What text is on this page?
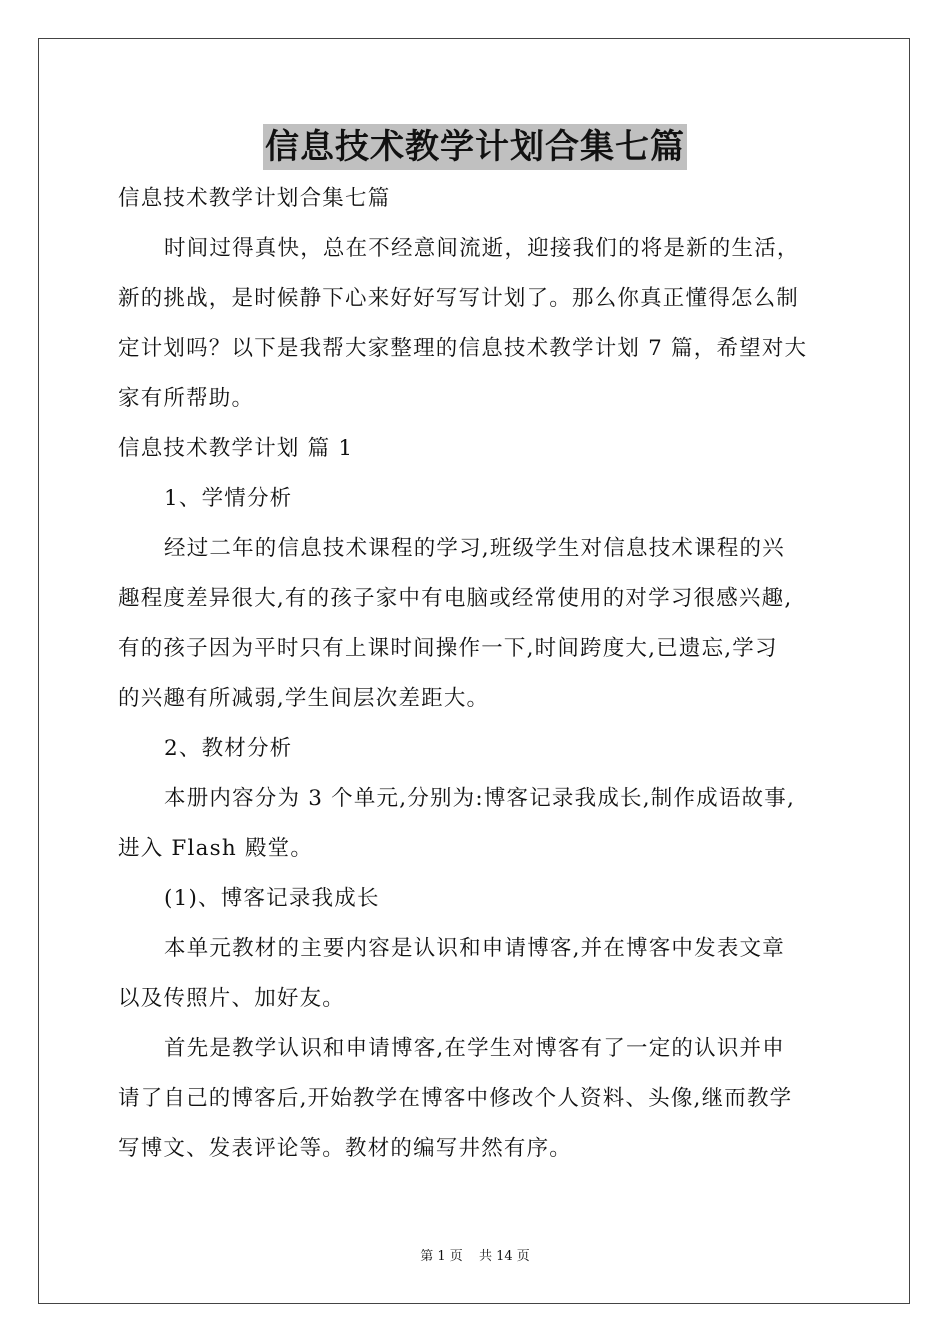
信息技术教学计划合集七篇
信息技术教学计划合集七篇
时间过得真快，总在不经意间流逝，迎接我们的将是新的生活，
新的挑战，是时候静下心来好好写写计划了。那么你真正懂得怎么制
定计划吗？以下是我帮大家整理的信息技术教学计划 7 篇，希望对大
家有所帮助。
信息技术教学计划 篇 1
1、学情分析
经过二年的信息技术课程的学习,班级学生对信息技术课程的兴
趣程度差异很大,有的孩子家中有电脑或经常使用的对学习很感兴趣,
有的孩子因为平时只有上课时间操作一下,时间跨度大,已遗忘,学习
的兴趣有所减弱,学生间层次差距大。
2、教材分析
本册内容分为 3 个单元,分别为:博客记录我成长,制作成语故事,
进入 Flash 殿堂。
(1)、博客记录我成长
本单元教材的主要内容是认识和申请博客,并在博客中发表文章
以及传照片、加好友。
首先是教学认识和申请博客,在学生对博客有了一定的认识并申
请了自己的博客后,开始教学在博客中修改个人资料、头像,继而教学
写博文、发表评论等。教材的编写井然有序。
第 1 页 共 14 页
